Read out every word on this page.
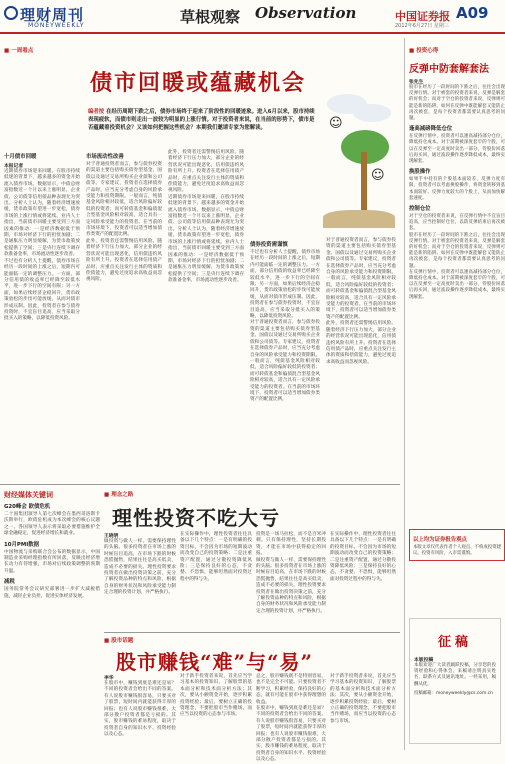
理财周刊
MONEYWEEKLY	草根观察 Observation	中国证券报 A09
2012年6月27日 星期三
■ 一周看点
债市回暖或蕴藏机会
编者按 在经历周期下跌之后，债券市场终于迎来了阶段性的回暖迹象。进入6月以来，股市持续表现疲软，而债市则走出一波较为明显的上涨行情。对于投资者来说，在当前的形势下，债市是否蕴藏着投资机会？又该如何把握这些机会？本期我们邀请专家为您解读。	☺
☺
十月债市回暖
本报记者

近期债券市场迎来回暖，在股市持续低迷的背景下，越来越多的资金开始流入债券市场。数据显示，中债总财富指数近一个月以来上涨明显，企业债、公司债等信用债品种表现尤为突出。分析人士认为，随着经济增速放缓，货币政策有望进一步宽松，债券市场的上涨行情或将延续。业内人士指出，当前债市回暖主要受到三方面因素的推动：一是经济数据低于预期，市场对经济下行的担忧加剧；二是通胀压力明显缓解，为货币政策放松提供了空间；三是央行连续下调存款准备金率，市场流动性逐步改善。

不过也有分析人士提醒，债券市场在经历一段时间的上涨之后，短期内可能面临一定的调整压力。一方面，部分信用债的收益率已经降至较低水平，进一步下行的空间有限；另一方面，如果后续经济企稳回升，货币政策放松的步伐可能放缓，从而对债市形成压制。因此，投资者在参与债券投资时，不宜盲目追高，应当采取分批买入的策略，以降低投资风险。

市场流动性改善

对于普通投资者而言，参与债券投资的渠道主要包括购买债券型基金、国债以及通过交易所购买企业债和公司债等。专家建议，投资者在选择债券产品时，应当充分考虑自身的风险承受能力和投资期限。一般而言，纯债基金风险相对较低，适合风险偏好较低的投资者；而可转债基金和偏债混合型基金风险相对较高，适合具有一定风险承受能力的投资者。在当前的市场环境下，投资者可以适当增加债券类资产的配置比例。

此外，投资者还需警惕信用风险。随着经济下行压力加大，部分企业的经营状况可能出现恶化，信用债违约风险有所上升。投资者在选择信用债产品时，应重点关注发行主体的资质和偿债能力，避免过度追求高收益而忽视风险。

此外，投资者还需警惕信用风险。随着经济下行压力加大，部分企业的经营状况可能出现恶化，信用债违约风险有所上升。投资者在选择信用债产品时，应重点关注发行主体的资质和偿债能力，避免过度追求高收益而忽视风险。

近期债券市场迎来回暖，在股市持续低迷的背景下，越来越多的资金开始流入债券市场。数据显示，中债总财富指数近一个月以来上涨明显，企业债、公司债等信用债品种表现尤为突出。分析人士认为，随着经济增速放缓，货币政策有望进一步宽松，债券市场的上涨行情或将延续。业内人士指出，当前债市回暖主要受到三方面因素的推动：一是经济数据低于预期，市场对经济下行的担忧加剧；二是通胀压力明显缓解，为货币政策放松提供了空间；三是央行连续下调存款准备金率，市场流动性逐步改善。

债券投资需谨慎

不过也有分析人士提醒，债券市场在经历一段时间的上涨之后，短期内可能面临一定的调整压力。一方面，部分信用债的收益率已经降至较低水平，进一步下行的空间有限；另一方面，如果后续经济企稳回升，货币政策放松的步伐可能放缓，从而对债市形成压制。因此，投资者在参与债券投资时，不宜盲目追高，应当采取分批买入的策略，以降低投资风险。

对于普通投资者而言，参与债券投资的渠道主要包括购买债券型基金、国债以及通过交易所购买企业债和公司债等。专家建议，投资者在选择债券产品时，应当充分考虑自身的风险承受能力和投资期限。一般而言，纯债基金风险相对较低，适合风险偏好较低的投资者；而可转债基金和偏债混合型基金风险相对较高，适合具有一定风险承受能力的投资者。在当前的市场环境下，投资者可以适当增加债券类资产的配置比例。

对于普通投资者而言，参与债券投资的渠道主要包括购买债券型基金、国债以及通过交易所购买企业债和公司债等。专家建议，投资者在选择债券产品时，应当充分考虑自身的风险承受能力和投资期限。一般而言，纯债基金风险相对较低，适合风险偏好较低的投资者；而可转债基金和偏债混合型基金风险相对较高，适合具有一定风险承受能力的投资者。在当前的市场环境下，投资者可以适当增加债券类资产的配置比例。

此外，投资者还需警惕信用风险。随着经济下行压力加大，部分企业的经营状况可能出现恶化，信用债违约风险有所上升。投资者在选择信用债产品时，应重点关注发行主体的资质和偿债能力，避免过度追求高收益而忽视风险。

财经媒体关键词
G20峰会 欧债危机

二十国集团领导人第七次峰会在墨西哥洛斯卡沃斯举行，欧债危机成为本次峰会的核心议题之一。各国领导人表示将采取必要措施维护全球金融稳定，促进经济增长和就业。

10月PMI数据

中国物流与采购联合会公布的数据显示，中国制造业采购经理指数有所回落，反映出经济增长动力有待增强，市场对后续政策调整的预期升温。

减税

国务院常务会议研究部署进一步扩大减税措施，减轻企业负担，促进实体经济发展。

■ 理念之路
理性投资不吃大亏
王晓明

做投资与做人一样，需要保持理性的头脑。很多投资者在市场上涨的时候盲目追高，在市场下跌的时候恐慌抛售，结果往往是高买低卖，造成不必要的损失。理性投资要求投资者在做出投资决策之前，充分了解投资品种的特点和风险，根据自身的财务状况和风险承受能力制定合理的投资计划，并严格执行。

在实际操作中，理性投资者往往具备以下几个特点：一是有明确的投资目标，不会因为市场的短期波动而改变自己的投资策略；二是注重资产配置，通过分散投资降低风险；三是保持良好的心态，不贪婪、不恐惧，能够坦然面对投资过程中的得与失。

投资是一场马拉松，而不是百米冲刺。只有保持理性，坚持长期投资，才能在市场中获得稳定的回报。

做投资与做人一样，需要保持理性的头脑。很多投资者在市场上涨的时候盲目追高，在市场下跌的时候恐慌抛售，结果往往是高买低卖，造成不必要的损失。理性投资要求投资者在做出投资决策之前，充分了解投资品种的特点和风险，根据自身的财务状况和风险承受能力制定合理的投资计划，并严格执行。

在实际操作中，理性投资者往往具备以下几个特点：一是有明确的投资目标，不会因为市场的短期波动而改变自己的投资策略；二是注重资产配置，通过分散投资降低风险；三是保持良好的心态，不贪婪、不恐惧，能够坦然面对投资过程中的得与失。

■ 股市话题
股市赚钱“难”与“易”
李华

在股市中，赚钱到底是难还是易？不同的投资者会给出不同的答案。有人说股市赚钱很容易，只要买对了股票，短时间内就能获得丰厚的回报；也有人说股市赚钱很难，大部分散户投资者都是亏损的。其实，股市赚钱的难易程度，取决于投资者自身的知识水平、投资经验以及心态。

对于新手投资者来说，首先应当学习基本的投资知识，了解股票的基本面分析和技术面分析方法；其次，要从小额资金开始，逐步积累投资经验；最后，要树立正确的投资理念，不要把股市当作赌场，而应当以投资的心态参与市场。

总之，股市赚钱既不是特别容易，也不是完全不可能。只要投资者不断学习，积累经验，保持良好的心态，就有可能在股市中获得理想的收益。

在股市中，赚钱到底是难还是易？不同的投资者会给出不同的答案。有人说股市赚钱很容易，只要买对了股票，短时间内就能获得丰厚的回报；也有人说股市赚钱很难，大部分散户投资者都是亏损的。其实，股市赚钱的难易程度，取决于投资者自身的知识水平、投资经验以及心态。

对于新手投资者来说，首先应当学习基本的投资知识，了解股票的基本面分析和技术面分析方法；其次，要从小额资金开始，逐步积累投资经验；最后，要树立正确的投资理念，不要把股市当作赌场，而应当以投资的心态参与市场。

■ 投资心得
反弹中防套解套法
张先生

股市在经历了一段时间的下跌之后，往往会出现反弹行情。对于被套的投资者来说，反弹是解套的好机会；而对于空仓的投资者来说，反弹则可能是新的陷阱。如何在反弹中既能解套又能防止再次被套，是每个投资者都需要认真思考的问题。

逢高减磅降低仓位

在反弹行情中，投资者可以逢高减持部分仓位，降低持仓成本。对于前期被深度套牢的个股，可以在反弹至一定高度时卖出一部分，待股价回落后再买回，通过波段操作逐步降低成本，最终实现解套。

换股操作

如果手中持有的个股基本面较差，反弹力度有限，投资者可以考虑换股操作，将资金转移到基本面较好、反弹力度较大的个股上，从而加快解套速度。

控制仓位

对于空仓的投资者来说，在反弹行情中不宜盲目追高，应当控制好仓位，以防反弹结束后再次被套。

股市在经历了一段时间的下跌之后，往往会出现反弹行情。对于被套的投资者来说，反弹是解套的好机会；而对于空仓的投资者来说，反弹则可能是新的陷阱。如何在反弹中既能解套又能防止再次被套，是每个投资者都需要认真思考的问题。

在反弹行情中，投资者可以逢高减持部分仓位，降低持仓成本。对于前期被深度套牢的个股，可以在反弹至一定高度时卖出一部分，待股价回落后再买回，通过波段操作逐步降低成本，最终实现解套。

以上均为证券报告观点

本版文章仅代表作者个人观点，不构成投资建议。投资有风险，入市需谨慎。

征稿
本版投稿

本版欢迎广大读者踊跃投稿，分享您的投资经验和心得体会。来稿请注明真实姓名、联系方式及通讯地址。一经采用，稿酬从优。

投稿邮箱：moneyweekly@cs.com.cn
